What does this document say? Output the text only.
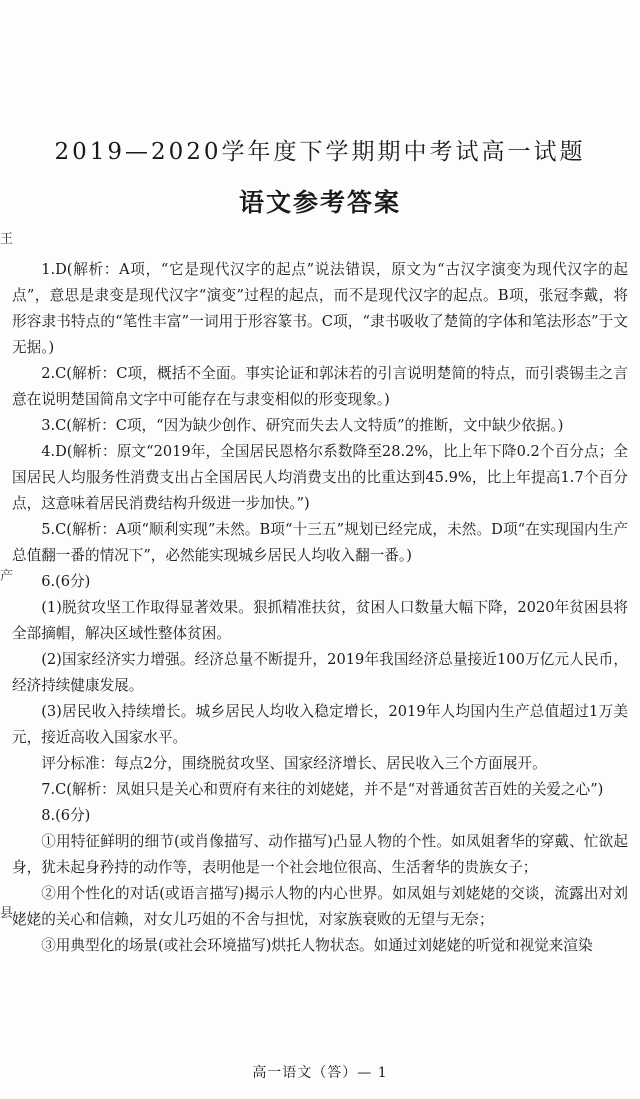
王
产
县
2019—2020学年度下学期期中考试高一试题
语文参考答案

1.D(解析：A项，“它是现代汉字的起点”说法错误，原文为“古汉字演变为现代汉字的起点”，意思是隶变是现代汉字“演变”过程的起点，而不是现代汉字的起点。B项，张冠李戴，将形容隶书特点的“笔性丰富”一词用于形容篆书。C项，“隶书吸收了楚简的字体和笔法形态”于文无据。)

2.C(解析：C项，概括不全面。事实论证和郭沫若的引言说明楚简的特点，而引裘锡圭之言意在说明楚国简帛文字中可能存在与隶变相似的形变现象。)

3.C(解析：C项，“因为缺少创作、研究而失去人文特质”的推断，文中缺少依据。)

4.D(解析：原文“2019年，全国居民恩格尔系数降至28.2%，比上年下降0.2个百分点；全国居民人均服务性消费支出占全国居民人均消费支出的比重达到45.9%，比上年提高1.7个百分点，这意味着居民消费结构升级进一步加快。”)

5.C(解析：A项“顺利实现”未然。B项“十三五”规划已经完成，未然。D项“在实现国内生产总值翻一番的情况下”，必然能实现城乡居民人均收入翻一番。)

6.(6分)

(1)脱贫攻坚工作取得显著效果。狠抓精准扶贫，贫困人口数量大幅下降，2020年贫困县将全部摘帽，解决区域性整体贫困。

(2)国家经济实力增强。经济总量不断提升，2019年我国经济总量接近100万亿元人民币，经济持续健康发展。

(3)居民收入持续增长。城乡居民人均收入稳定增长，2019年人均国内生产总值超过1万美元，接近高收入国家水平。

评分标准：每点2分，围绕脱贫攻坚、国家经济增长、居民收入三个方面展开。

7.C(解析：凤姐只是关心和贾府有来往的刘姥姥，并不是“对普通贫苦百姓的关爱之心”)

8.(6分)

①用特征鲜明的细节(或肖像描写、动作描写)凸显人物的个性。如凤姐奢华的穿戴、忙欲起身，犹未起身矜持的动作等，表明他是一个社会地位很高、生活奢华的贵族女子；

②用个性化的对话(或语言描写)揭示人物的内心世界。如凤姐与刘姥姥的交谈，流露出对刘姥姥的关心和信赖，对女儿巧姐的不舍与担忧，对家族衰败的无望与无奈；

③用典型化的场景(或社会环境描写)烘托人物状态。如通过刘姥姥的听觉和视觉来渲染

高一语文（答）— 1
